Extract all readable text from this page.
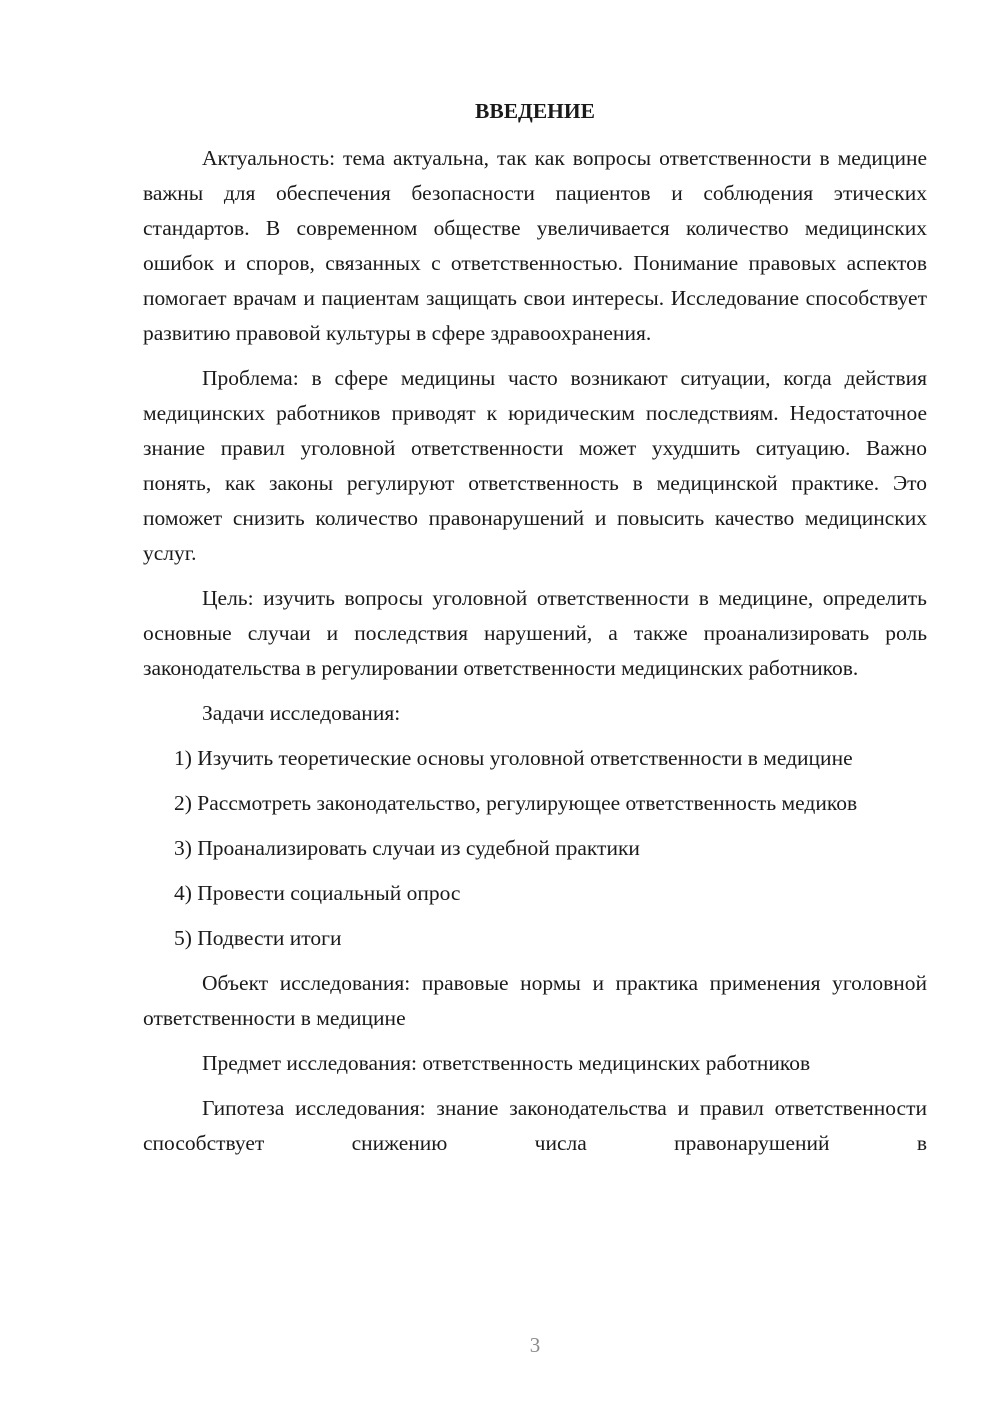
ВВЕДЕНИЕ

Актуальность: тема актуальна, так как вопросы ответственности в медицине важны для обеспечения безопасности пациентов и соблюдения этических стандартов. В современном обществе увеличивается количество медицинских ошибок и споров, связанных с ответственностью. Понимание правовых аспектов помогает врачам и пациентам защищать свои интересы. Исследование способствует развитию правовой культуры в сфере здравоохранения.

Проблема: в сфере медицины часто возникают ситуации, когда действия медицинских работников приводят к юридическим последствиям. Недостаточное знание правил уголовной ответственности может ухудшить ситуацию. Важно понять, как законы регулируют ответственность в медицинской практике. Это поможет снизить количество правонарушений и повысить качество медицинских услуг.

Цель: изучить вопросы уголовной ответственности в медицине, определить основные случаи и последствия нарушений, а также проанализировать роль законодательства в регулировании ответственности медицинских работников.

Задачи исследования:

1) Изучить теоретические основы уголовной ответственности в медицине

2) Рассмотреть законодательство, регулирующее ответственность медиков

3) Проанализировать случаи из судебной практики

4) Провести социальный опрос

5) Подвести итоги

Объект исследования: правовые нормы и практика применения уголовной ответственности в медицине

Предмет исследования: ответственность медицинских работников

Гипотеза исследования: знание законодательства и правил ответственности способствует снижению числа правонарушений в

3
